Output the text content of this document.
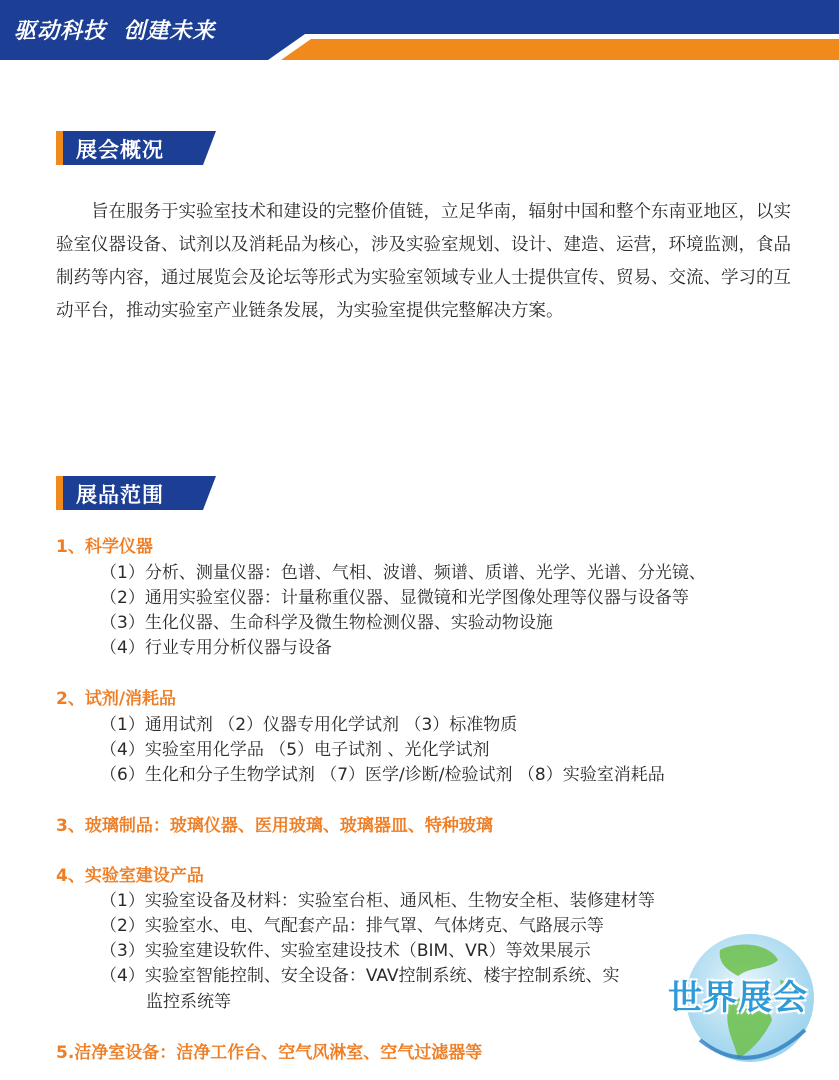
驱动科技  创建未来
展会概况
旨在服务于实验室技术和建设的完整价值链，立足华南，辐射中国和整个东南亚地区，以实验室仪器设备、试剂以及消耗品为核心，涉及实验室规划、设计、建造、运营，环境监测，食品制药等内容，通过展览会及论坛等形式为实验室领域专业人士提供宣传、贸易、交流、学习的互动平台，推动实验室产业链条发展，为实验室提供完整解决方案。
展品范围
1、科学仪器
（1）分析、测量仪器：色谱、气相、波谱、频谱、质谱、光学、光谱、分光镜、
（2）通用实验室仪器：计量称重仪器、显微镜和光学图像处理等仪器与设备等
（3）生化仪器、生命科学及微生物检测仪器、实验动物设施
（4）行业专用分析仪器与设备
2、试剂/消耗品
（1）通用试剂 （2）仪器专用化学试剂 （3）标准物质
（4）实验室用化学品 （5）电子试剂 、光化学试剂
（6）生化和分子生物学试剂 （7）医学/诊断/检验试剂 （8）实验室消耗品
3、玻璃制品：玻璃仪器、医用玻璃、玻璃器皿、特种玻璃
4、实验室建设产品
（1）实验室设备及材料：实验室台柜、通风柜、生物安全柜、装修建材等
（2）实验室水、电、气配套产品：排气罩、气体烤克、气路展示等
（3）实验室建设软件、实验室建设技术（BIM、VR）等效果展示
（4）实验室智能控制、安全设备：VAV控制系统、楼宇控制系统、实
监控系统等
5.洁净室设备：洁净工作台、空气风淋室、空气过滤器等
世界展会
